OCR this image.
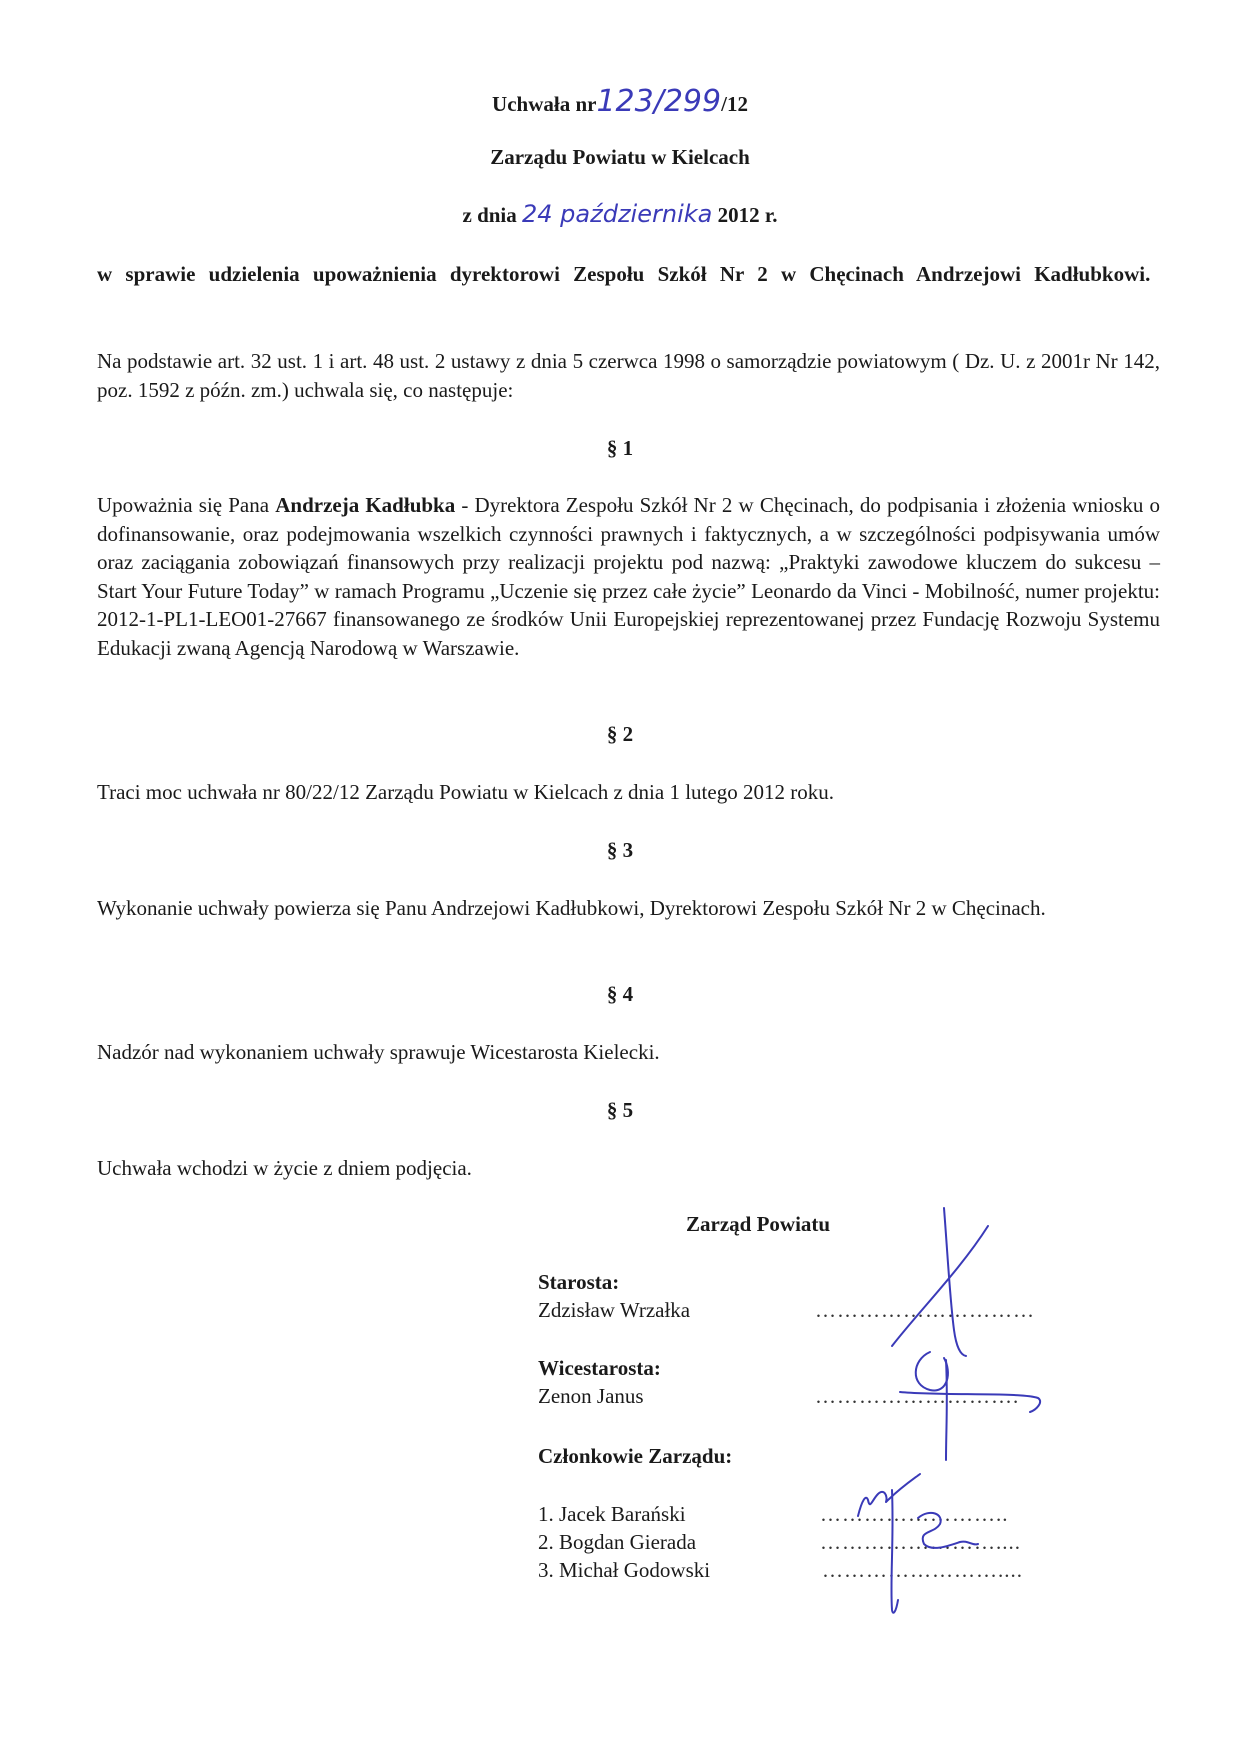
Uchwała nr123/299/12
Zarządu Powiatu w Kielcach
z dnia 24 października 2012 r.
w sprawie udzielenia upoważnienia dyrektorowi Zespołu Szkół Nr 2 w Chęcinach Andrzejowi Kadłubkowi.
Na podstawie art. 32 ust. 1 i art. 48 ust. 2 ustawy z dnia 5 czerwca 1998 o samorządzie powiatowym ( Dz. U. z 2001r Nr 142, poz. 1592 z późn. zm.) uchwala się, co następuje:
§ 1
Upoważnia się Pana Andrzeja Kadłubka - Dyrektora Zespołu Szkół Nr 2 w Chęcinach, do podpisania i złożenia wniosku o dofinansowanie, oraz podejmowania wszelkich czynności prawnych i faktycznych, a w szczególności podpisywania umów oraz zaciągania zobowiązań finansowych przy realizacji projektu pod nazwą: „Praktyki zawodowe kluczem do sukcesu – Start Your Future Today” w ramach Programu „Uczenie się przez całe życie” Leonardo da Vinci - Mobilność, numer projektu: 2012-1-PL1-LEO01-27667 finansowanego ze środków Unii Europejskiej reprezentowanej przez Fundację Rozwoju Systemu Edukacji zwaną Agencją Narodową w Warszawie.
§ 2
Traci moc uchwała nr 80/22/12 Zarządu Powiatu w Kielcach z dnia 1 lutego 2012 roku.
§ 3
Wykonanie uchwały powierza się Panu Andrzejowi Kadłubkowi, Dyrektorowi Zespołu Szkół Nr 2 w Chęcinach.
§ 4
Nadzór nad wykonaniem uchwały sprawuje Wicestarosta Kielecki.
§ 5
Uchwała wchodzi w życie z dniem podjęcia.
Zarząd Powiatu
Starosta:
Zdzisław Wrzałka	…………………………
Wicestarosta:
Zenon Janus	……………………….
Członkowie Zarządu:
1. Jacek Barański	……………………..
2. Bogdan Gierada	……………………....
3. Michał Godowski	……………………....
